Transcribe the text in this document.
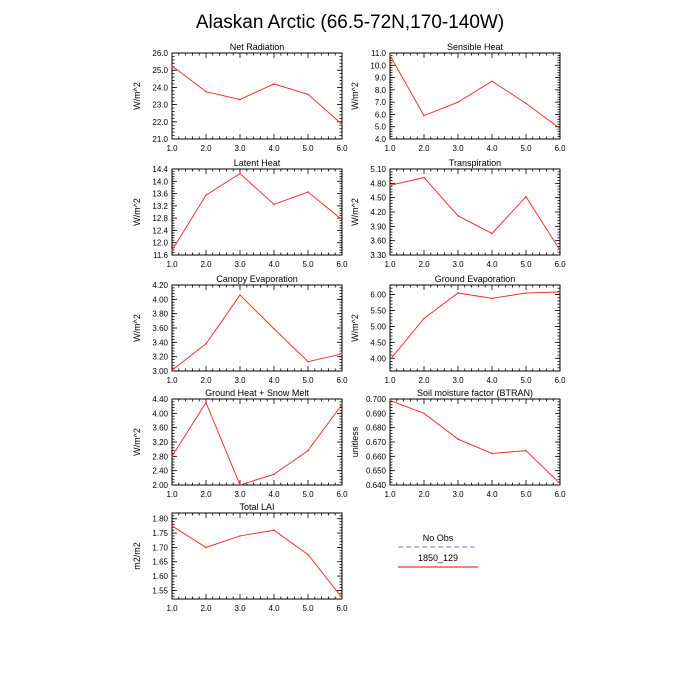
Alaskan Arctic (66.5-72N,170-140W)
Net Radiation
W/m^2
1.0	2.0	3.0	4.0	5.0	6.0
21.0
22.0
23.0
24.0
25.0
26.0
Sensible Heat
W/m^2
1.0	2.0	3.0	4.0	5.0	6.0
4.0
5.0
6.0
7.0
8.0
9.0
10.0
11.0
Latent Heat
W/m^2
1.0	2.0	3.0	4.0	5.0	6.0
11.6
12.0
12.4
12.8
13.2
13.6
14.0
14.4
Transpiration
W/m^2
1.0	2.0	3.0	4.0	5.0	6.0
3.30
3.60
3.90
4.20
4.50
4.80
5.10
Canopy Evaporation
W/m^2
1.0	2.0	3.0	4.0	5.0	6.0
3.00
3.20
3.40
3.60
3.80
4.00
4.20
Ground Evaporation
W/m^2
1.0	2.0	3.0	4.0	5.0	6.0
4.00
4.50
5.00
5.50
6.00
Ground Heat + Snow Melt
W/m^2
1.0	2.0	3.0	4.0	5.0	6.0
2.00
2.40
2.80
3.20
3.60
4.00
4.40
Soil moisture factor (BTRAN)
unitless
1.0	2.0	3.0	4.0	5.0	6.0
0.640
0.650
0.660
0.670
0.680
0.690
0.700
Total LAI
m2/m2
1.0	2.0	3.0	4.0	5.0	6.0
1.55
1.60
1.65
1.70
1.75
1.80
No Obs
1850_129
